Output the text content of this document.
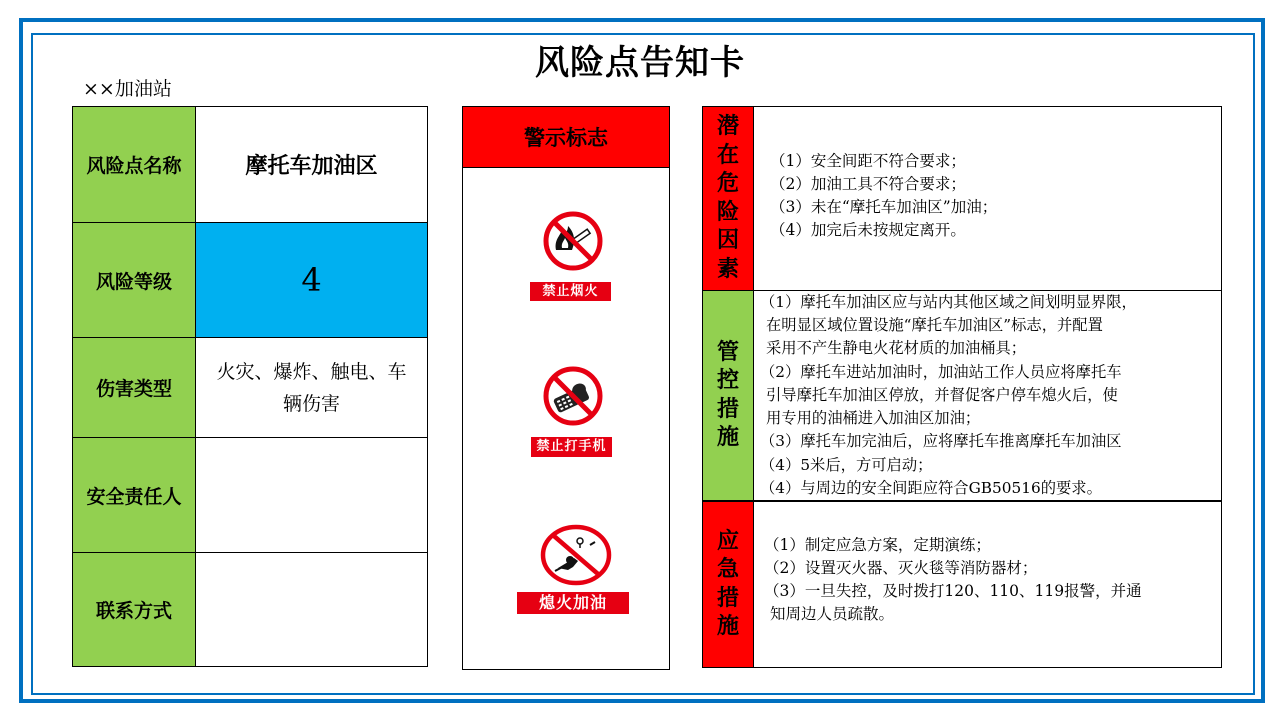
风险点告知卡
××加油站
风险点名称	摩托车加油区
风险等级	4
伤害类型
火灾、爆炸、触电、车
辆伤害
安全责任人
联系方式
警示标志
禁止烟火
禁止打手机
熄火加油
潜
在
危
险
因
素
（1）安全间距不符合要求；
（2）加油工具不符合要求；
（3）未在“摩托车加油区”加油；
（4）加完后未按规定离开。
管
控
措
施
（1）摩托车加油区应与站内其他区域之间划明显界限，
在明显区域位置设施“摩托车加油区”标志，并配置
采用不产生静电火花材质的加油桶具；
（2）摩托车进站加油时，加油站工作人员应将摩托车
引导摩托车加油区停放，并督促客户停车熄火后，使
用专用的油桶进入加油区加油；
（3）摩托车加完油后，应将摩托车推离摩托车加油区
（4）5米后，方可启动；
（4）与周边的安全间距应符合GB50516的要求。
应
急
措
施
（1）制定应急方案，定期演练；
（2）设置灭火器、灭火毯等消防器材；
（3）一旦失控，及时拨打120、110、119报警，并通
知周边人员疏散。
